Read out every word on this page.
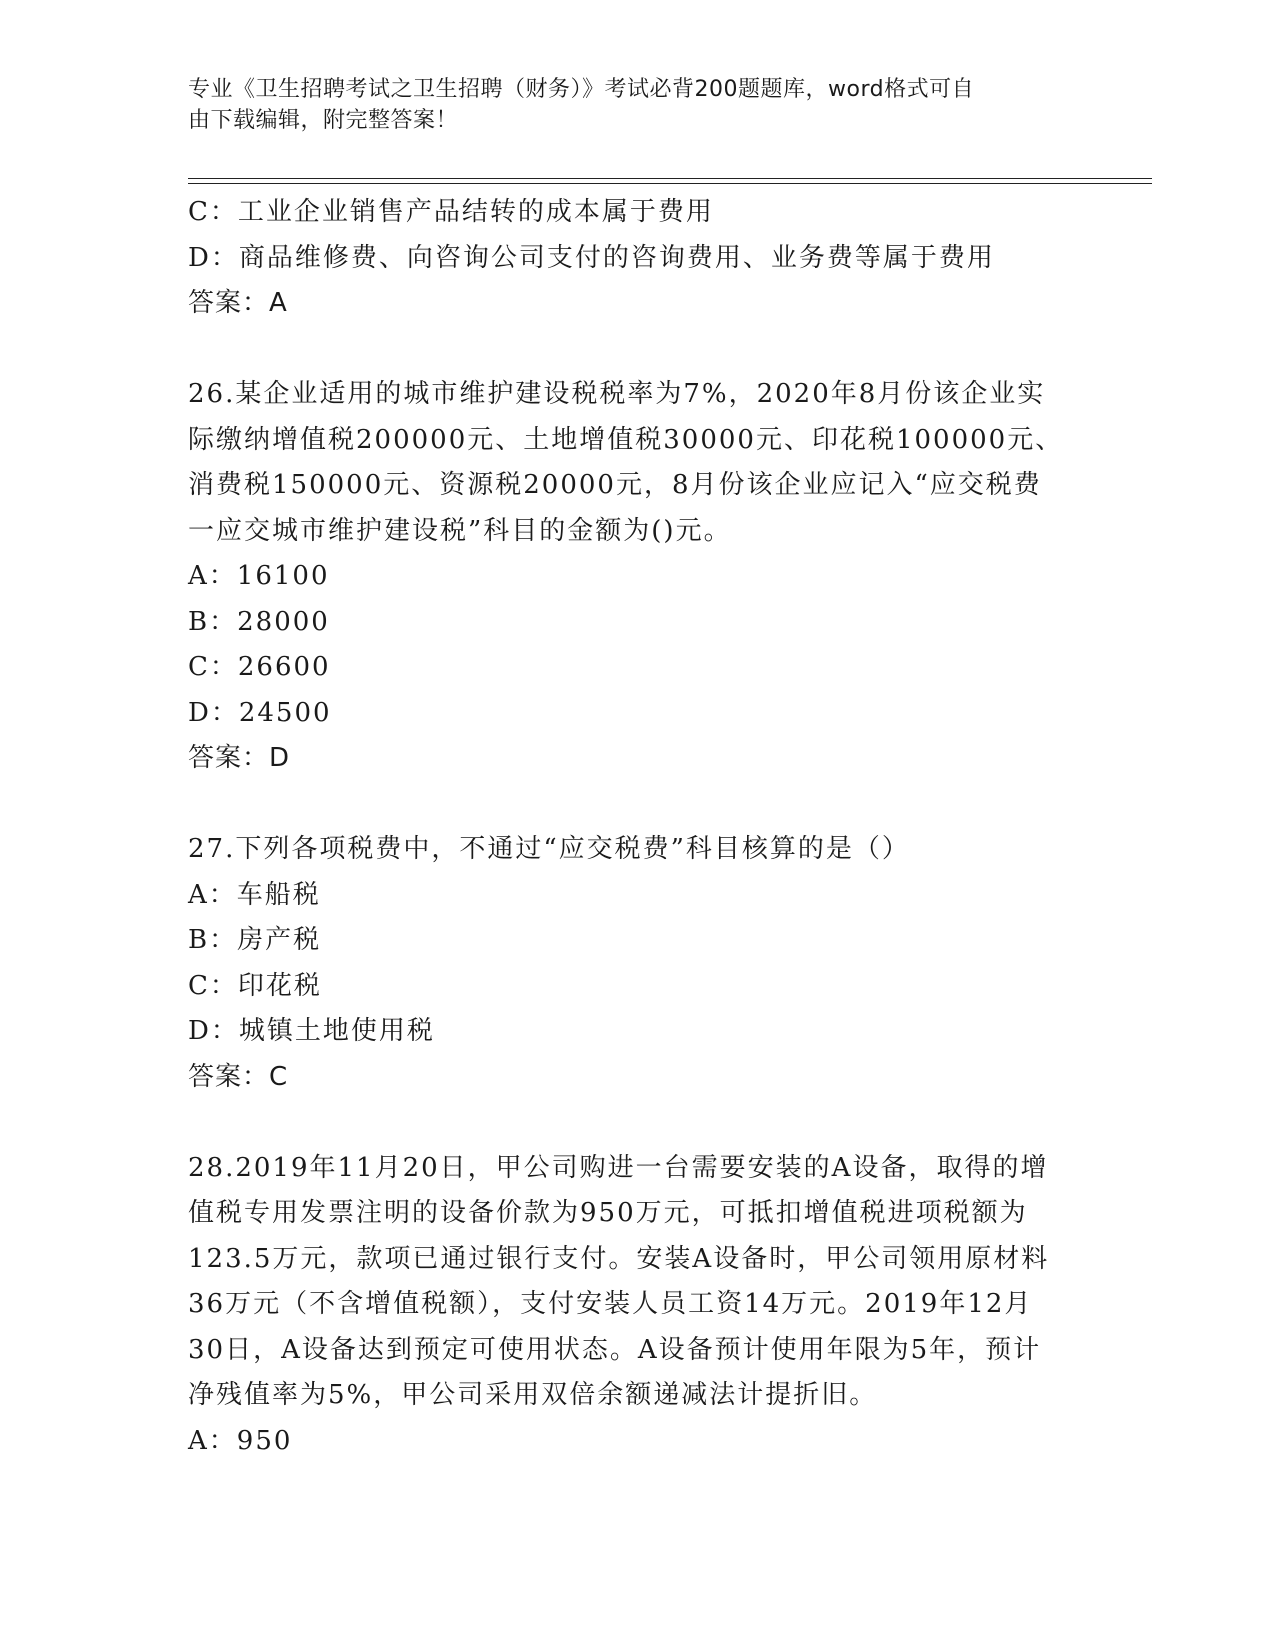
专业《卫生招聘考试之卫生招聘（财务）》考试必背200题题库，word格式可自
由下载编辑，附完整答案！
C：工业企业销售产品结转的成本属于费用
D：商品维修费、向咨询公司支付的咨询费用、业务费等属于费用
答案：A
26.某企业适用的城市维护建设税税率为7%，2020年8月份该企业实
际缴纳增值税200000元、土地增值税30000元、印花税100000元、
消费税150000元、资源税20000元，8月份该企业应记入“应交税费
一应交城市维护建设税”科目的金额为()元。
A：16100
B：28000
C：26600
D：24500
答案：D
27.下列各项税费中，不通过“应交税费”科目核算的是（）
A：车船税
B：房产税
C：印花税
D：城镇土地使用税
答案：C
28.2019年11月20日，甲公司购进一台需要安装的A设备，取得的增
值税专用发票注明的设备价款为950万元，可抵扣增值税进项税额为
123.5万元，款项已通过银行支付。安装A设备时，甲公司领用原材料
36万元（不含增值税额），支付安装人员工资14万元。2019年12月
30日，A设备达到预定可使用状态。A设备预计使用年限为5年，预计
净残值率为5%，甲公司采用双倍余额递减法计提折旧。
A：950
